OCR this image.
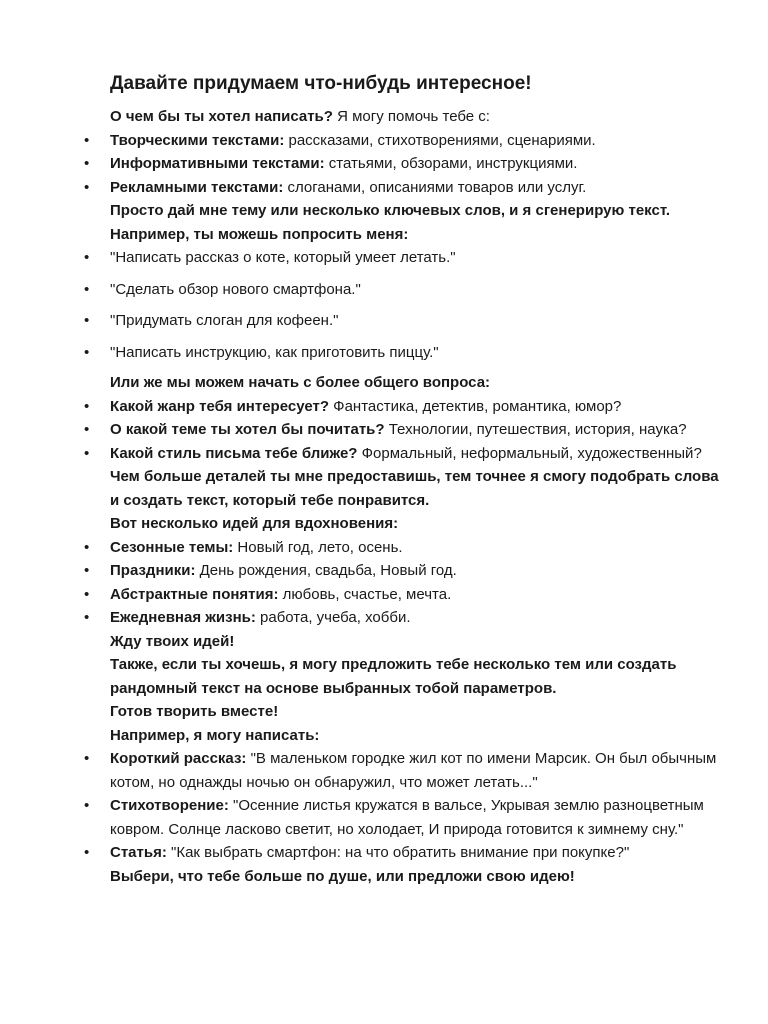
Давайте придумаем что-нибудь интересное!

О чем бы ты хотел написать? Я могу помочь тебе с:

• Творческими текстами: рассказами, стихотворениями, сценариями.
• Информативными текстами: статьями, обзорами, инструкциями.
• Рекламными текстами: слоганами, описаниями товаров или услуг.

Просто дай мне тему или несколько ключевых слов, и я сгенерирую текст.

Например, ты можешь попросить меня:

• "Написать рассказ о коте, который умеет летать."
• "Сделать обзор нового смартфона."
• "Придумать слоган для кофеен."
• "Написать инструкцию, как приготовить пиццу."

Или же мы можем начать с более общего вопроса:

• Какой жанр тебя интересует? Фантастика, детектив, романтика, юмор?
• О какой теме ты хотел бы почитать? Технологии, путешествия, история, наука?
• Какой стиль письма тебе ближе? Формальный, неформальный, художественный?

Чем больше деталей ты мне предоставишь, тем точнее я смогу подобрать слова и создать текст, который тебе понравится.

Вот несколько идей для вдохновения:

• Сезонные темы: Новый год, лето, осень.
• Праздники: День рождения, свадьба, Новый год.
• Абстрактные понятия: любовь, счастье, мечта.
• Ежедневная жизнь: работа, учеба, хобби.

Жду твоих идей!

Также, если ты хочешь, я могу предложить тебе несколько тем или создать рандомный текст на основе выбранных тобой параметров.

Готов творить вместе!

Например, я могу написать:

• Короткий рассказ: "В маленьком городке жил кот по имени Марсик. Он был обычным котом, но однажды ночью он обнаружил, что может летать..."
• Стихотворение: "Осенние листья кружатся в вальсе, Укрывая землю разноцветным ковром. Солнце ласково светит, но холодает, И природа готовится к зимнему сну."
• Статья: "Как выбрать смартфон: на что обратить внимание при покупке?"

Выбери, что тебе больше по душе, или предложи свою идею!
